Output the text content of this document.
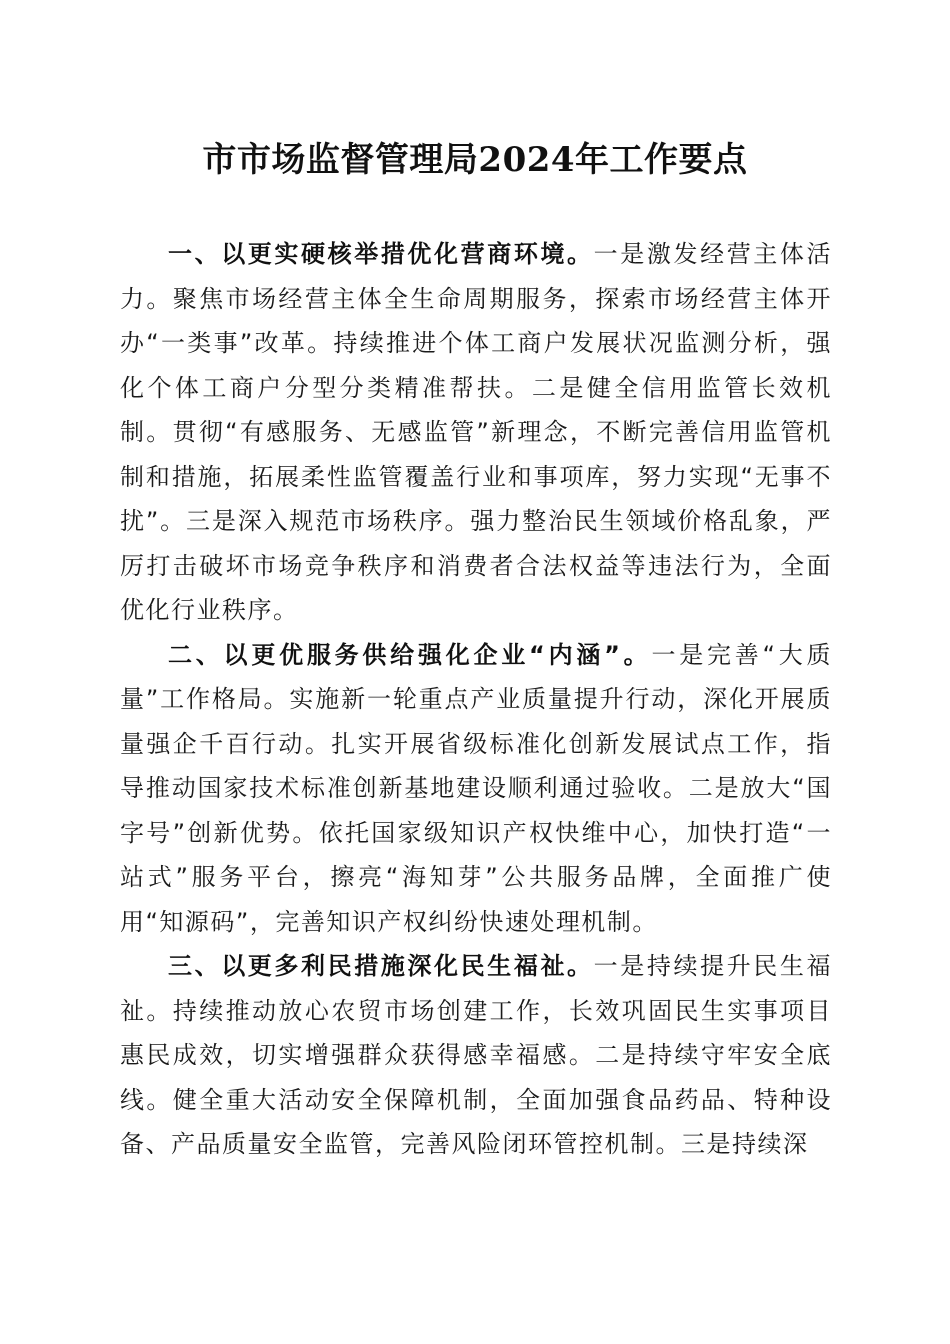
市市场监督管理局2024年工作要点

一、以更实硬核举措优化营商环境。一是激发经营主体活力。聚焦市场经营主体全生命周期服务，探索市场经营主体开办“一类事”改革。持续推进个体工商户发展状况监测分析，强化个体工商户分型分类精准帮扶。二是健全信用监管长效机制。贯彻“有感服务、无感监管”新理念，不断完善信用监管机制和措施，拓展柔性监管覆盖行业和事项库，努力实现“无事不扰”。三是深入规范市场秩序。强力整治民生领域价格乱象，严厉打击破坏市场竞争秩序和消费者合法权益等违法行为，全面优化行业秩序。

二、以更优服务供给强化企业“内涵”。一是完善“大质量”工作格局。实施新一轮重点产业质量提升行动，深化开展质量强企千百行动。扎实开展省级标准化创新发展试点工作，指导推动国家技术标准创新基地建设顺利通过验收。二是放大“国字号”创新优势。依托国家级知识产权快维中心，加快打造“一站式”服务平台，擦亮“海知芽”公共服务品牌，全面推广使用“知源码”，完善知识产权纠纷快速处理机制。

三、以更多利民措施深化民生福祉。一是持续提升民生福祉。持续推动放心农贸市场创建工作，长效巩固民生实事项目惠民成效，切实增强群众获得感幸福感。二是持续守牢安全底线。健全重大活动安全保障机制，全面加强食品药品、特种设备、产品质量安全监管，完善风险闭环管控机制。三是持续深
